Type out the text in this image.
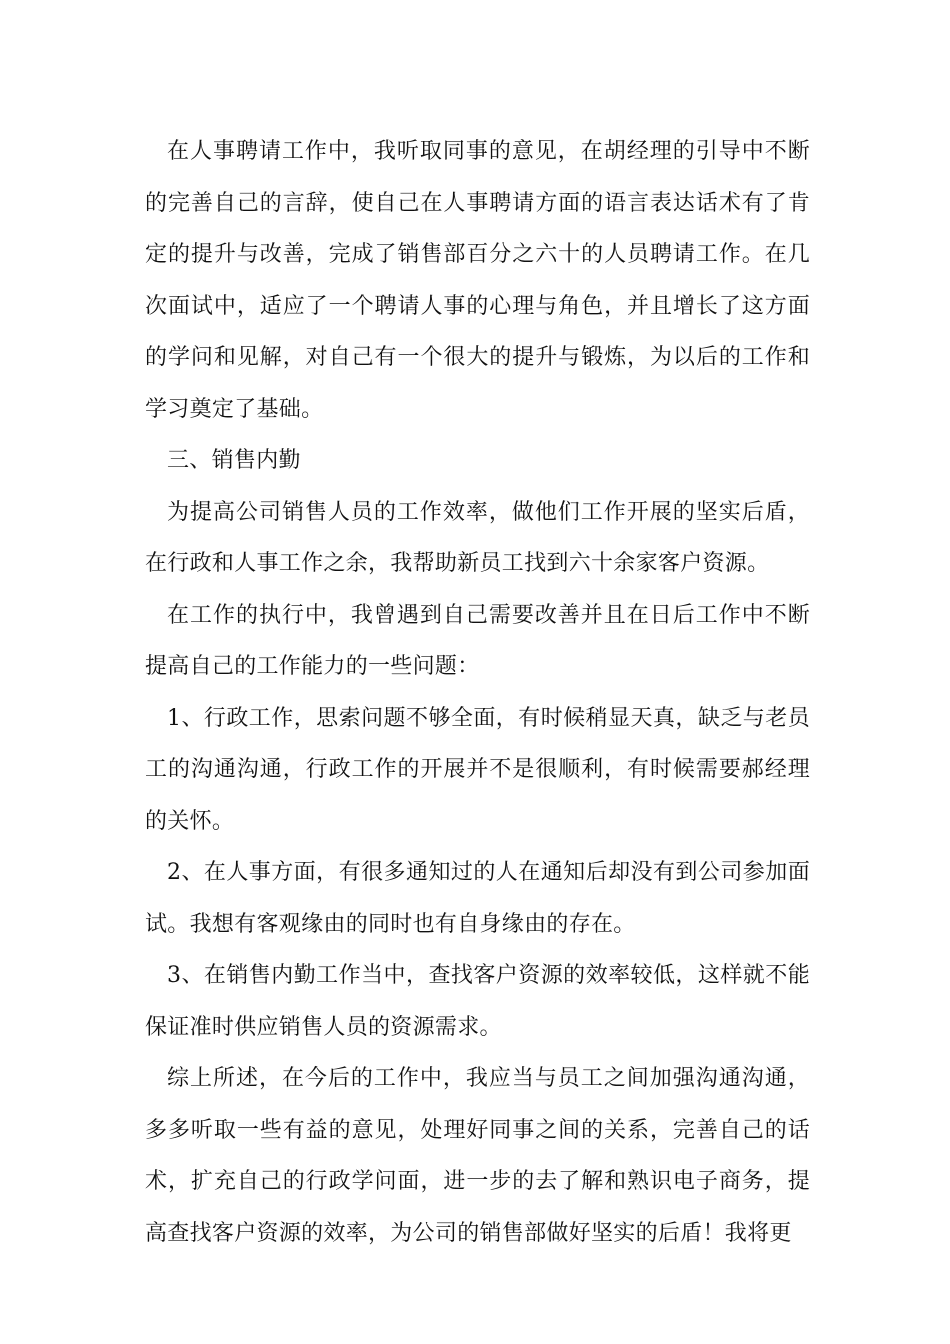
在人事聘请工作中，我听取同事的意见，在胡经理的引导中不断的完善自己的言辞，使自己在人事聘请方面的语言表达话术有了肯定的提升与改善，完成了销售部百分之六十的人员聘请工作。在几次面试中，适应了一个聘请人事的心理与角色，并且增长了这方面的学问和见解，对自己有一个很大的提升与锻炼，为以后的工作和学习奠定了基础。

三、销售内勤

为提高公司销售人员的工作效率，做他们工作开展的坚实后盾，在行政和人事工作之余，我帮助新员工找到六十余家客户资源。

在工作的执行中，我曾遇到自己需要改善并且在日后工作中不断提高自己的工作能力的一些问题：

1、行政工作，思索问题不够全面，有时候稍显天真，缺乏与老员工的沟通沟通，行政工作的开展并不是很顺利，有时候需要郝经理的关怀。

2、在人事方面，有很多通知过的人在通知后却没有到公司参加面试。我想有客观缘由的同时也有自身缘由的存在。

3、在销售内勤工作当中，查找客户资源的效率较低，这样就不能保证准时供应销售人员的资源需求。

综上所述，在今后的工作中，我应当与员工之间加强沟通沟通，多多听取一些有益的意见，处理好同事之间的关系，完善自己的话术，扩充自己的行政学问面，进一步的去了解和熟识电子商务，提高查找客户资源的效率，为公司的销售部做好坚实的后盾！我将更
